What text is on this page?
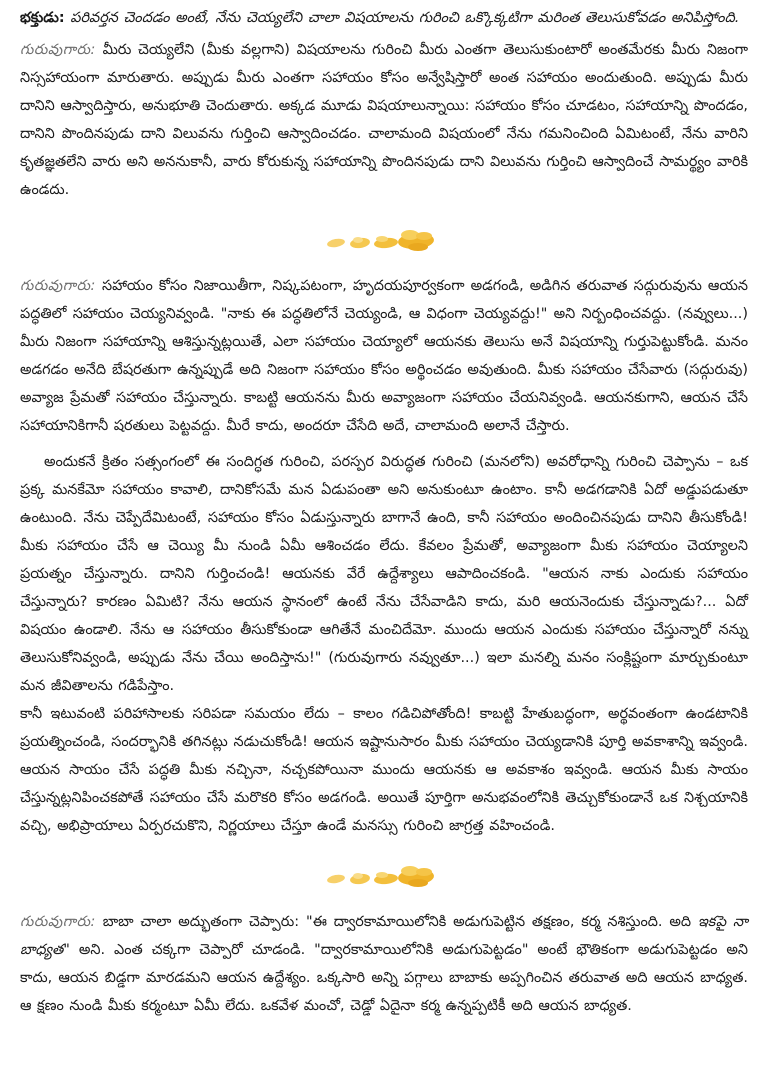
భక్తుడు: పరివర్తన చెందడం అంటే, నేను చెయ్యలేని చాలా విషయాలను గురించి ఒక్కొక్కటిగా మరింత తెలుసుకోవడం అనిపిస్తోంది.

గురువుగారు: మీరు చెయ్యలేని (మీకు వల్లగాని) విషయాలను గురించి మీరు ఎంతగా తెలుసుకుంటారో అంతమేరకు మీరు నిజంగా నిస్సహాయంగా మారుతారు. అప్పుడు మీరు ఎంతగా సహాయం కోసం అన్వేషిస్తారో అంత సహాయం అందుతుంది. అప్పుడు మీరు దానిని ఆస్వాదిస్తారు, అనుభూతి చెందుతారు. అక్కడ మూడు విషయాలున్నాయి: సహాయం కోసం చూడటం, సహాయాన్ని పొందడం, దానిని పొందినపుడు దాని విలువను గుర్తించి ఆస్వాదించడం. చాలామంది విషయంలో నేను గమనించింది ఏమిటంటే, నేను వారిని కృతజ్ఞతలేని వారు అని అనను‌కానీ, వారు కోరుకున్న సహాయాన్ని పొందినపుడు దాని విలువను గుర్తించి ఆస్వాదించే సామర్థ్యం వారికి ఉండదు.

గురువుగారు: సహాయం కోసం నిజాయితీగా, నిష్కపటంగా, హృదయపూర్వకంగా అడగండి, అడిగిన తరువాత సద్గురువును ఆయన పద్ధతిలో సహాయం చెయ్యనివ్వండి. "నాకు ఈ పద్ధతిలోనే చెయ్యండి, ఆ విధంగా చెయ్యవద్దు!" అని నిర్బంధించవద్దు. (నవ్వులు...) మీరు నిజంగా సహాయాన్ని ఆశిస్తున్నట్లయితే, ఎలా సహాయం చెయ్యాలో ఆయనకు తెలుసు అనే విషయాన్ని గుర్తుపెట్టుకోండి. మనం అడగడం అనేది బేషరతుగా ఉన్నప్పుడే అది నిజంగా సహాయం కోసం అర్థించడం అవుతుంది. మీకు సహాయం చేసేవారు (సద్గురువు) అవ్యాజ ప్రేమతో సహాయం చేస్తున్నారు. కాబట్టి ఆయనను మీరు అవ్యాజంగా సహాయం చేయనివ్వండి. ఆయనకుగాని, ఆయన చేసే సహాయానికిగానీ షరతులు పెట్టవద్దు. మీరే కాదు, అందరూ చేసేది అదే, చాలామంది అలానే చేస్తారు.

అందుకనే క్రితం సత్సంగంలో ఈ సందిగ్ధత గురించి, పరస్పర విరుద్ధత గురించి (మనలోని) అవరోధాన్ని గురించి చెప్పాను – ఒక ప్రక్క మనకేమో సహాయం కావాలి, దానికోసమే మన ఏడుపంతా అని అనుకుంటూ ఉంటాం. కానీ అడగడానికి ఏదో అడ్డుపడుతూ ఉంటుంది. నేను చెప్పేదేమిటంటే, సహాయం కోసం ఏడుస్తున్నారు బాగానే ఉంది, కానీ సహాయం అందించినపుడు దానిని తీసుకోండి! మీకు సహాయం చేసే ఆ చెయ్యి మీ నుండి ఏమీ ఆశించడం లేదు. కేవలం ప్రేమతో, అవ్యాజంగా మీకు సహాయం చెయ్యాలని ప్రయత్నం చేస్తున్నారు. దానిని గుర్తించండి! ఆయనకు వేరే ఉద్దేశ్యాలు ఆపాదించకండి. "ఆయన నాకు ఎందుకు సహాయం చేస్తున్నారు? కారణం ఏమిటి? నేను ఆయన స్థానంలో ఉంటే నేను చేసేవాడిని కాదు, మరి ఆయనెందుకు చేస్తున్నాడు?... ఏదో విషయం ఉండాలి. నేను ఆ సహాయం తీసుకోకుండా ఆగితేనే మంచిదేమో. ముందు ఆయన ఎందుకు సహాయం చేస్తున్నారో నన్ను తెలుసుకోనివ్వండి, అప్పుడు నేను చేయి అందిస్తాను!" (గురువుగారు నవ్వుతూ...) ఇలా మనల్ని మనం సంక్లిష్టంగా మార్చుకుంటూ మన జీవితాలను గడిపేస్తాం.

కానీ ఇటువంటి పరిహాసాలకు సరిపడా సమయం లేదు – కాలం గడిచిపోతోంది! కాబట్టి హేతుబద్ధంగా, అర్థవంతంగా ఉండటానికి ప్రయత్నించండి, సందర్భానికి తగినట్లు నడుచుకోండి! ఆయన ఇష్టానుసారం మీకు సహాయం చెయ్యడానికి పూర్తి అవకాశాన్ని ఇవ్వండి. ఆయన సాయం చేసే పద్ధతి మీకు నచ్చినా, నచ్చకపోయినా ముందు ఆయనకు ఆ అవకాశం ఇవ్వండి. ఆయన మీకు సాయం చేస్తున్నట్లనిపించకపోతే సహాయం చేసే మరొకరి కోసం అడగండి. అయితే పూర్తిగా అనుభవంలోనికి తెచ్చుకోకుండానే ఒక నిశ్చయానికి వచ్చి, అభిప్రాయాలు ఏర్పరచుకొని, నిర్ణయాలు చేస్తూ ఉండే మనస్సు గురించి జాగ్రత్త వహించండి.

గురువుగారు: బాబా చాలా అద్భుతంగా చెప్పారు: "ఈ ద్వారకామాయిలోనికి అడుగుపెట్టిన తక్షణం, కర్మ నశిస్తుంది. అది ఇకపై నా బాధ్యత" అని. ఎంత చక్కగా చెప్పారో చూడండి. "ద్వారకామాయిలోనికి అడుగుపెట్టడం" అంటే భౌతికంగా అడుగుపెట్టడం అని కాదు, ఆయన బిడ్డగా మారడమని ఆయన ఉద్దేశ్యం. ఒక్కసారి అన్ని పగ్గాలు బాబాకు అప్పగించిన తరువాత అది ఆయన బాధ్యత. ఆ క్షణం నుండి మీకు కర్మంటూ ఏమీ లేదు. ఒకవేళ మంచో, చెడ్డో ఏదైనా కర్మ ఉన్నప్పటికీ అది ఆయన బాధ్యత.
